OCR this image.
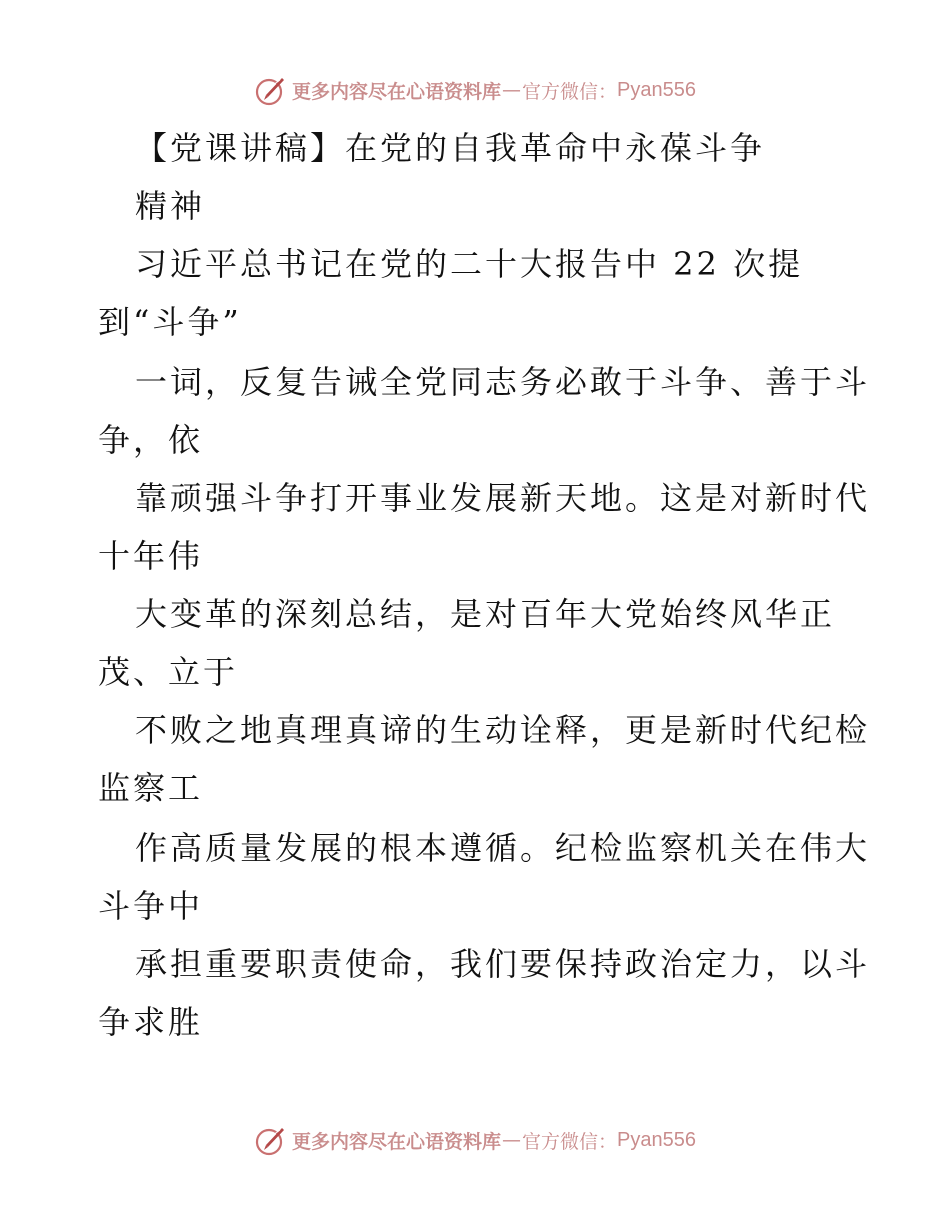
更多内容尽在心语资料库 — 官方微信： Pyan556
【党课讲稿】在党的自我革命中永葆斗争
精神
习近平总书记在党的二十大报告中 22 次提
到“斗争”
一词，反复告诫全党同志务必敢于斗争、善于斗
争，依
靠顽强斗争打开事业发展新天地。这是对新时代
十年伟
大变革的深刻总结，是对百年大党始终风华正
茂、立于
不败之地真理真谛的生动诠释，更是新时代纪检
监察工
作高质量发展的根本遵循。纪检监察机关在伟大
斗争中
承担重要职责使命，我们要保持政治定力，以斗
争求胜
更多内容尽在心语资料库 — 官方微信： Pyan556
